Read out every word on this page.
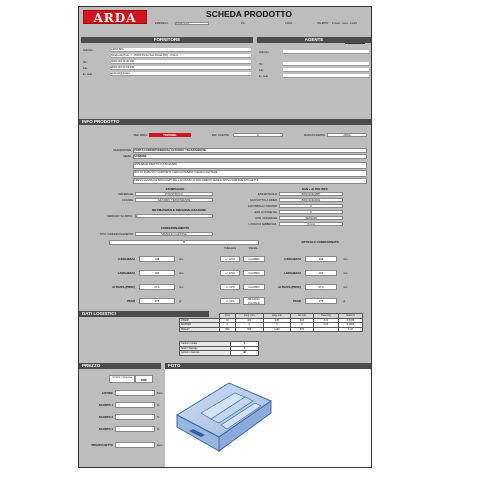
ARDA	SCHEDA PRODOTTO
EMESSA IL	04/06/2019	DA	CARA	VALIDITA'	6 mesi - mesi - mesi6
FORNITORE	AGENTE
Indirizzo	ARDA SPA
Strada dei Prati, 7 - 35020 Ponte San Nicolò (PD) - ITALIA
Tel	0039 049 70 30 050
Fax	0039 049 50 63 466
E - mail	ordinistt@arda.it
Indirizzo
Tel
Fax
E - mail
INFO PRODOTTO
REF. ARDA	TR9563BL	REF. CLIENTE	0	MARCA/CLIENTE	ARDA
DESCRIZIONE	PORTACORRISPONDENZA AZZURRO TRASPARENTE
SERIE	SUNRISE
IMPILABILE DIRITTO O A SCALARE
MOLTO ROBUSTO SOPPORTA CARICHI PESANTI SENZA FLETTERE
PRESA CENTRALE SPAGOLATURE L'ACCESSO AI DOCUMENTI SEDE E APPLICARE DUE ETICHETTE
STAMPAGGIO
MATERIALE	POLISTIROLO
COLORE	AZZURRO TRASPARENTE
MKT/MATERIALE PERSONALIZZAZIONE
MARCHIO SU ARTIC.	Z
CONFEZIONAMENTO
TIPO CONFEZIONAMENTO	SFUSO IN CARTONE
EAN + ALTRE INFO
EAN ARTICOLO	8001640301887
EAN SOTTOLA INNER	8001640302991
EAN IMBALLO MASTER	0
EAN 13 NOME SIA	0
COD. DOGANALE	39261000
LUOGO DI FABBRICAZ.	ITALIA
0
Tolleranza	Metodo
LUNGHEZZA	338	mm	+/- 0,5%	CALIBRO
LARGHEZZA	260	mm	+/- 0,5%	CALIBRO
ALTEZZA (PROF)	67,0	mm	+/- 10%	CALIBRO
PESO	275	gr	+/- 10%
BILANCIA DIGITALE
ARTICOLO CONFEZIONATO
LUNGHEZZA	338	mm
LARGHEZZA	260	mm
ALTEZZA (PROF)	67,0	mm
PESO	275	gr
DATI LOGISTICI
		Q.ta	Lung. mm	Larg. mm	Alt. mm	Peso Kg	Volum.0
INNER	10	400	345	315	3,44	0,0435
MASTER	0	0	0	0	0,00	0,0000
PALLET	280	800	1200	975		1,43
Cartoni x strato	8
Strati x bancale	3
Cartoni x bancale	48
PREZZO
TERMINI CONSEGNA	DDP
LISTINO	Euro
SCONTO 1	%
SCONTO 2	%
SCONTO 3	%
PREZZO NETTO	Euro
FOTO
.
